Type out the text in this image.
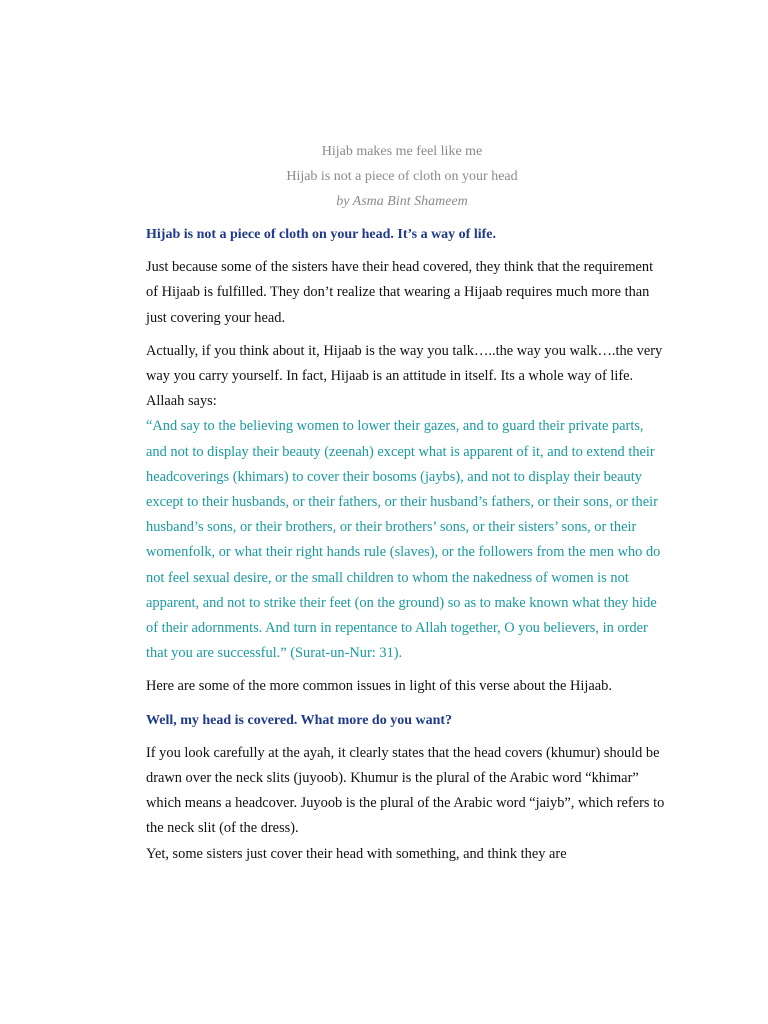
Hijab makes me feel like me
Hijab is not a piece of cloth on your head
by Asma Bint Shameem

Hijab is not a piece of cloth on your head. It’s a way of life.

Just because some of the sisters have their head covered, they think that the requirement of Hijaab is fulfilled. They don’t realize that wearing a Hijaab requires much more than just covering your head.

Actually, if you think about it, Hijaab is the way you talk…..the way you walk….the very way you carry yourself. In fact, Hijaab is an attitude in itself. Its a whole way of life.

Allaah says:

“And say to the believing women to lower their gazes, and to guard their private parts, and not to display their beauty (zeenah) except what is apparent of it, and to extend their headcoverings (khimars) to cover their bosoms (jaybs), and not to display their beauty except to their husbands, or their fathers, or their husband’s fathers, or their sons, or their husband’s sons, or their brothers, or their brothers’ sons, or their sisters’ sons, or their womenfolk, or what their right hands rule (slaves), or the followers from the men who do not feel sexual desire, or the small children to whom the nakedness of women is not apparent, and not to strike their feet (on the ground) so as to make known what they hide of their adornments. And turn in repentance to Allah together, O you believers, in order that you are successful.” (Surat-un-Nur: 31).

Here are some of the more common issues in light of this verse about the Hijaab.

Well, my head is covered. What more do you want?

If you look carefully at the ayah, it clearly states that the head covers (khumur) should be drawn over the neck slits (juyoob). Khumur is the plural of the Arabic word “khimar” which means a headcover. Juyoob is the plural of the Arabic word “jaiyb”, which refers to the neck slit (of the dress).

Yet, some sisters just cover their head with something, and think they are
